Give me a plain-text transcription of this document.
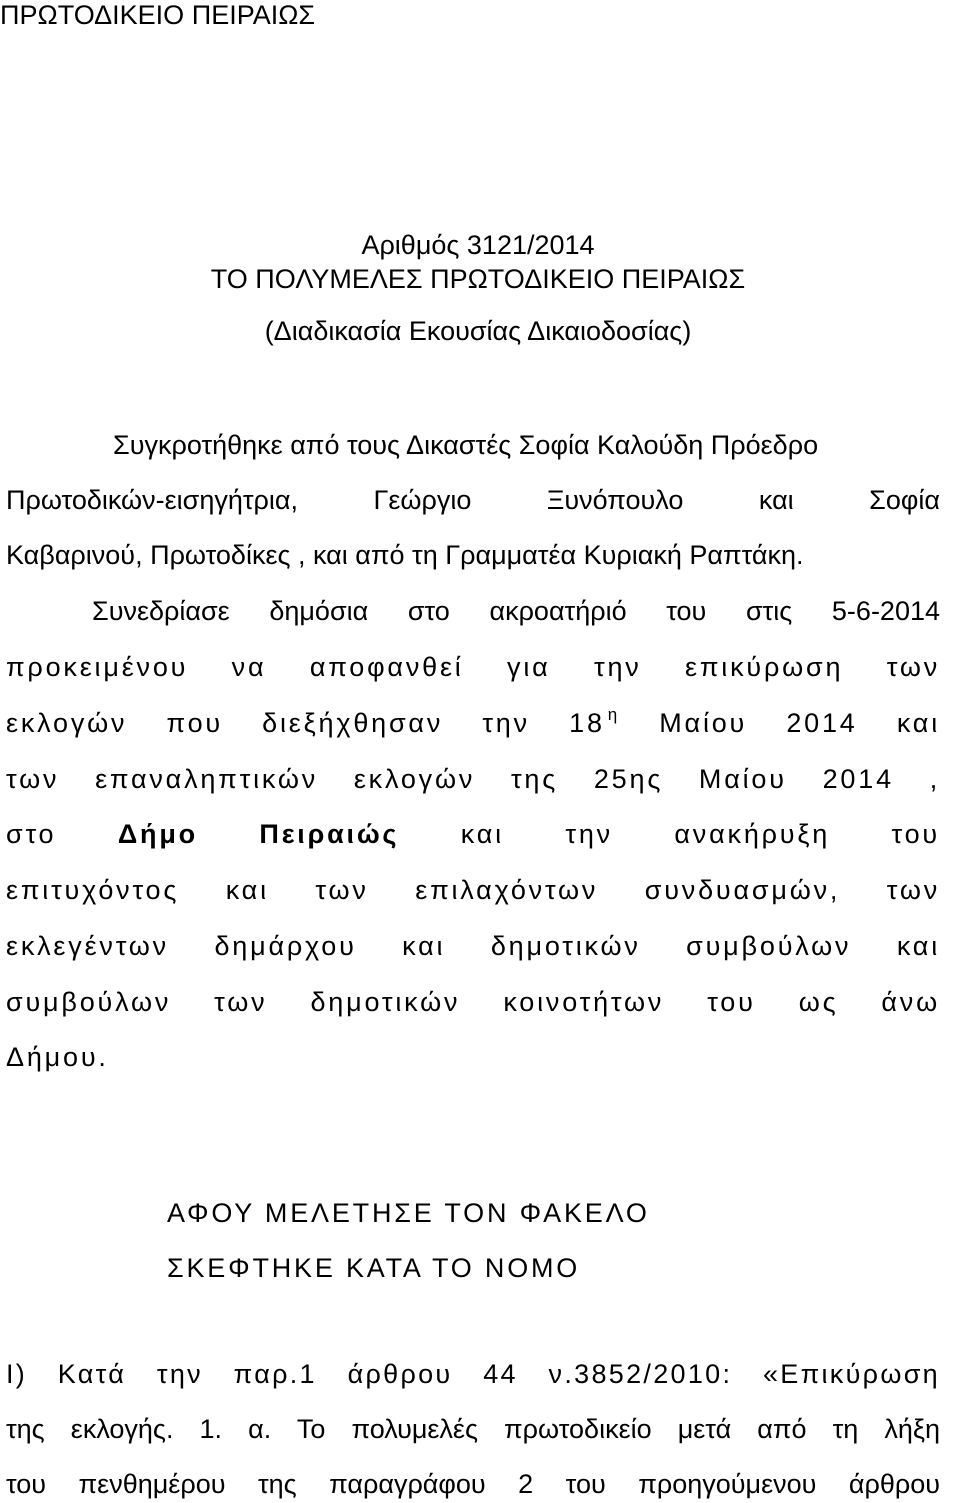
ΠΡΩΤΟΔΙΚΕΙΟ ΠΕΙΡΑΙΩΣ

Αριθμός 3121/2014

ΤΟ ΠΟΛΥΜΕΛΕΣ ΠΡΩΤΟΔΙΚΕΙΟ ΠΕΙΡΑΙΩΣ

(Διαδικασία Εκουσίας Δικαιοδοσίας)

Συγκροτήθηκε από τους Δικαστές Σοφία Καλούδη Πρόεδρο

Πρωτοδικών-εισηγήτρια, Γεώργιο Ξυνόπουλο και Σοφία

Καβαρινού, Πρωτοδίκες , και από τη Γραμματέα Κυριακή Ραπτάκη.

Συνεδρίασε δημόσια στο ακροατήριό του στις 5-6-2014

προκειμένου να αποφανθεί για την επικύρωση των

εκλογών που διεξήχθησαν την 18 $^\eta$ Μαίου 2014 και

των επαναληπτικών εκλογών της 25ης Μαίου 2014 ,

στο Δήμο Πειραιώς και την ανακήρυξη του

επιτυχόντος και των επιλαχόντων συνδυασμών, των

εκλεγέντων δημάρχου και δημοτικών συμβούλων και

συμβούλων των δημοτικών κοινοτήτων του ως άνω

Δήμου.

ΑΦΟΥ ΜΕΛΕΤΗΣΕ ΤΟΝ ΦΑΚΕΛΟ

ΣΚΕΦΤΗΚΕ ΚΑΤΑ ΤΟ ΝΟΜΟ

Ι) Κατά την παρ.1 άρθρου 44 ν.3852/2010: «Επικύρωση

της εκλογής. 1. α. Το πολυμελές πρωτοδικείο μετά από τη λήξη

του πενθημέρου της παραγράφου 2 του προηγούμενου άρθρου
